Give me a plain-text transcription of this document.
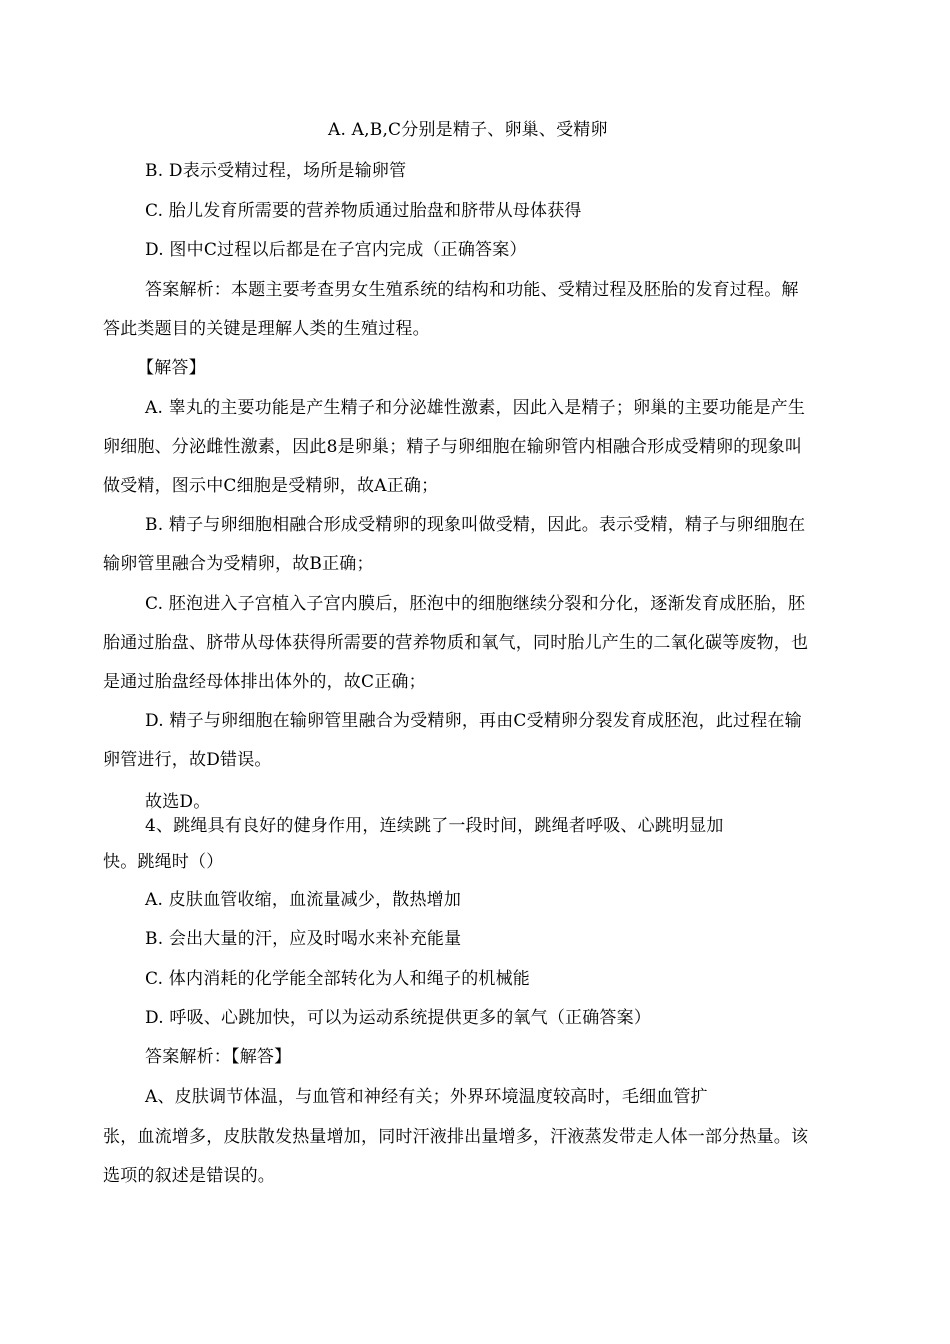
A. A,B,C分别是精子、卵巢、受精卵
B. D表示受精过程，场所是输卵管
C. 胎儿发育所需要的营养物质通过胎盘和脐带从母体获得
D. 图中C过程以后都是在子宫内完成（正确答案）
答案解析：本题主要考查男女生殖系统的结构和功能、受精过程及胚胎的发育过程。解
答此类题目的关键是理解人类的生殖过程。
【解答】
A. 睾丸的主要功能是产生精子和分泌雄性激素，因此入是精子；卵巢的主要功能是产生
卵细胞、分泌雌性激素，因此8是卵巢；精子与卵细胞在输卵管内相融合形成受精卵的现象叫
做受精，图示中C细胞是受精卵，故A正确；
B. 精子与卵细胞相融合形成受精卵的现象叫做受精，因此。表示受精，精子与卵细胞在
输卵管里融合为受精卵，故B正确；
C. 胚泡进入子宫植入子宫内膜后，胚泡中的细胞继续分裂和分化，逐渐发育成胚胎，胚
胎通过胎盘、脐带从母体获得所需要的营养物质和氧气，同时胎儿产生的二氧化碳等废物，也
是通过胎盘经母体排出体外的，故C正确；
D. 精子与卵细胞在输卵管里融合为受精卵，再由C受精卵分裂发育成胚泡，此过程在输
卵管进行，故D错误。
故选D。
4、跳绳具有良好的健身作用，连续跳了一段时间，跳绳者呼吸、心跳明显加
快。跳绳时（）
A. 皮肤血管收缩，血流量减少，散热增加
B. 会出大量的汗，应及时喝水来补充能量
C. 体内消耗的化学能全部转化为人和绳子的机械能
D. 呼吸、心跳加快，可以为运动系统提供更多的氧气（正确答案）
答案解析：【解答】
A、皮肤调节体温，与血管和神经有关；外界环境温度较高时，毛细血管扩
张，血流增多，皮肤散发热量增加，同时汗液排出量增多，汗液蒸发带走人体一部分热量。该
选项的叙述是错误的。
